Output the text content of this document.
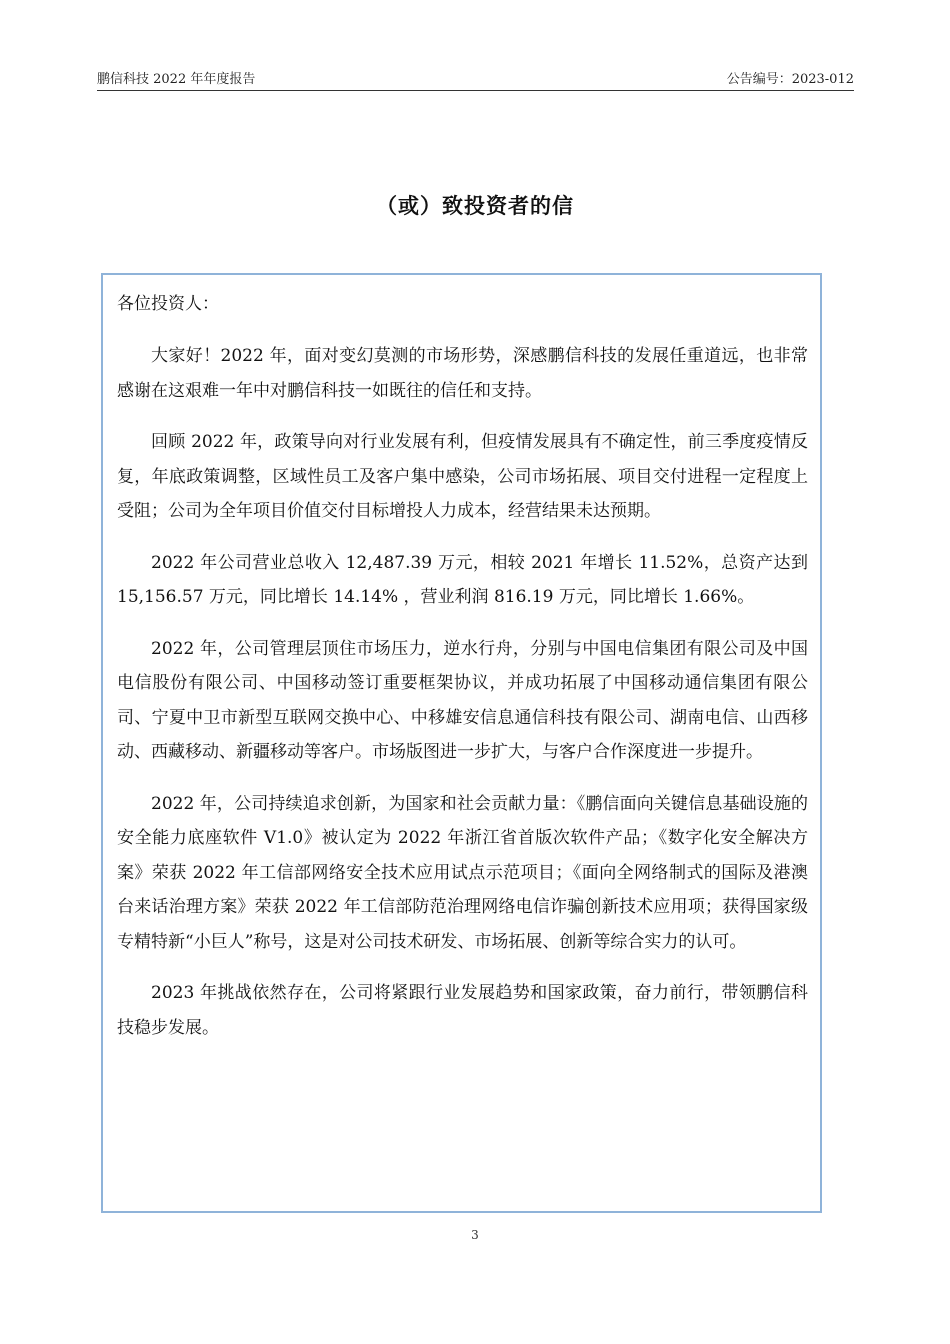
鹏信科技 2022 年年度报告	公告编号：2023-012
（或）致投资者的信

各位投资人：

大家好！2022 年，面对变幻莫测的市场形势，深感鹏信科技的发展任重道远，也非常感谢在这艰难一年中对鹏信科技一如既往的信任和支持。

回顾 2022 年，政策导向对行业发展有利，但疫情发展具有不确定性，前三季度疫情反复，年底政策调整，区域性员工及客户集中感染，公司市场拓展、项目交付进程一定程度上受阻；公司为全年项目价值交付目标增投人力成本，经营结果未达预期。

2022 年公司营业总收入 12,487.39 万元，相较 2021 年增长 11.52%，总资产达到 15,156.57 万元，同比增长 14.14% ，营业利润 816.19 万元，同比增长 1.66%。

2022 年，公司管理层顶住市场压力，逆水行舟，分别与中国电信集团有限公司及中国电信股份有限公司、中国移动签订重要框架协议，并成功拓展了中国移动通信集团有限公司、宁夏中卫市新型互联网交换中心、中移雄安信息通信科技有限公司、湖南电信、山西移动、西藏移动、新疆移动等客户。市场版图进一步扩大，与客户合作深度进一步提升。

2022 年，公司持续追求创新，为国家和社会贡献力量：《鹏信面向关键信息基础设施的安全能力底座软件 V1.0》被认定为 2022 年浙江省首版次软件产品；《数字化安全解决方案》荣获 2022 年工信部网络安全技术应用试点示范项目；《面向全网络制式的国际及港澳台来话治理方案》荣获 2022 年工信部防范治理网络电信诈骗创新技术应用项；获得国家级专精特新“小巨人”称号，这是对公司技术研发、市场拓展、创新等综合实力的认可。

2023 年挑战依然存在，公司将紧跟行业发展趋势和国家政策，奋力前行，带领鹏信科技稳步发展。

3
